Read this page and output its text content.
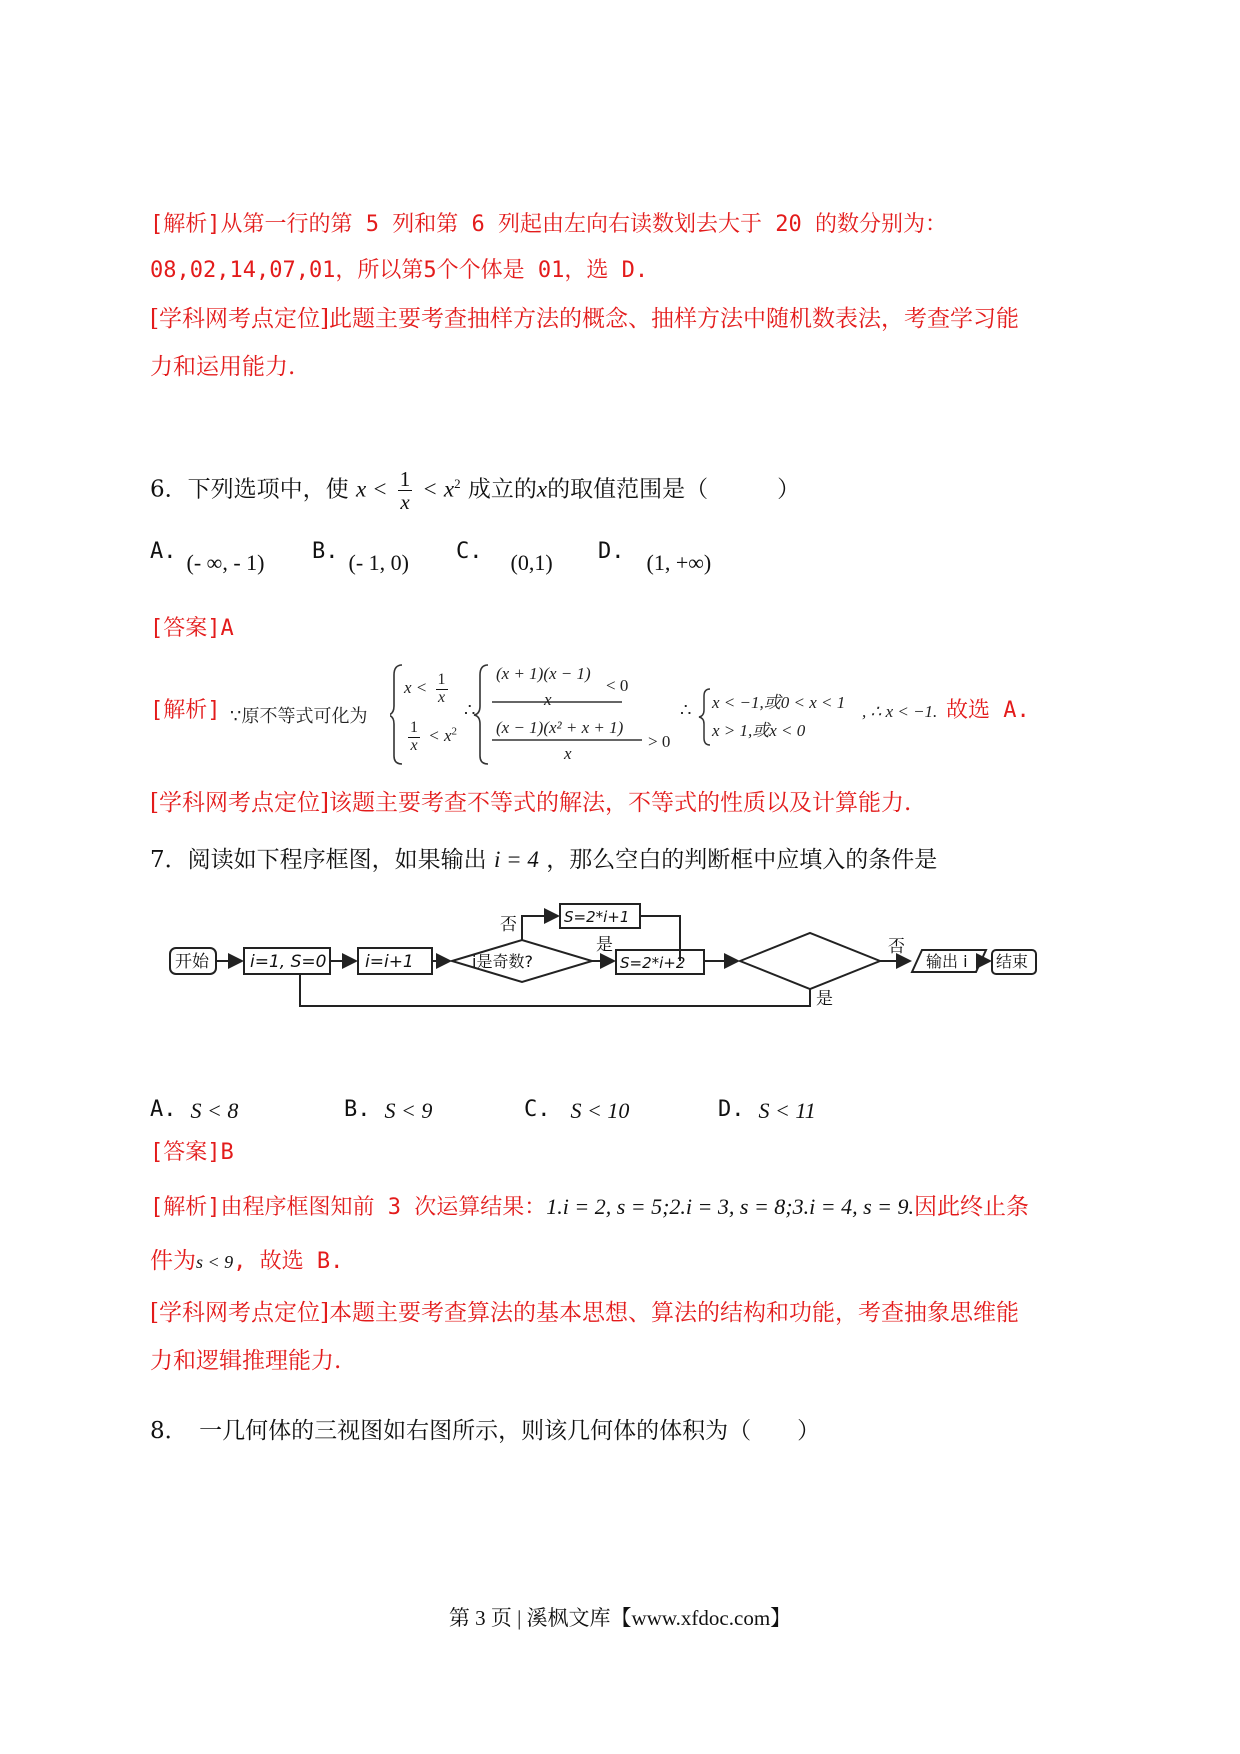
[解析]从第一行的第 5 列和第 6 列起由左向右读数划去大于 20 的数分别为：
08,02,14,07,01，所以第5个个体是 01，选 D.
[学科网考点定位]此题主要考查抽样方法的概念、抽样方法中随机数表法，考查学习能
力和运用能力.
6．下列选项中，使 $x < \frac{1}{x} < x^2$ 成立的x的取值范围是（　　　）
A. (- ∞, - 1) B. (- 1, 0) C. (0,1) D. (1, +∞)
[答案]A
[解析] ∵原不等式可化为
$x < \frac{1}{x}$
$\frac{1}{x} < x^2$
∴
(x + 1)(x − 1)
x
< 0
(x − 1)(x² + x + 1)
x
> 0
∴ x < −1,或0 < x < 1
x > 1,或x < 0
, ∴ x < −1. 故选 A.
[学科网考点定位]该题主要考查不等式的解法，不等式的性质以及计算能力.
7．阅读如下程序框图，如果输出 i = 4 ，那么空白的判断框中应填入的条件是
开始 i=1, S=0 i=i+1	i是奇数?
否
是
S=2*i+1
S=2*i+2
否
是
输出 i 结束
A. S < 8	B. S < 9	C. S < 10	D. S < 11
[答案]B
[解析]由程序框图知前 3 次运算结果：1.i = 2, s = 5;2.i = 3, s = 8;3.i = 4, s = 9.因此终止条
件为s < 9, 故选 B.
[学科网考点定位]本题主要考查算法的基本思想、算法的结构和功能，考查抽象思维能
力和逻辑推理能力.
8．　一几何体的三视图如右图所示，则该几何体的体积为（　　）
第 3 页 | 溪枫文库【www.xfdoc.com】
